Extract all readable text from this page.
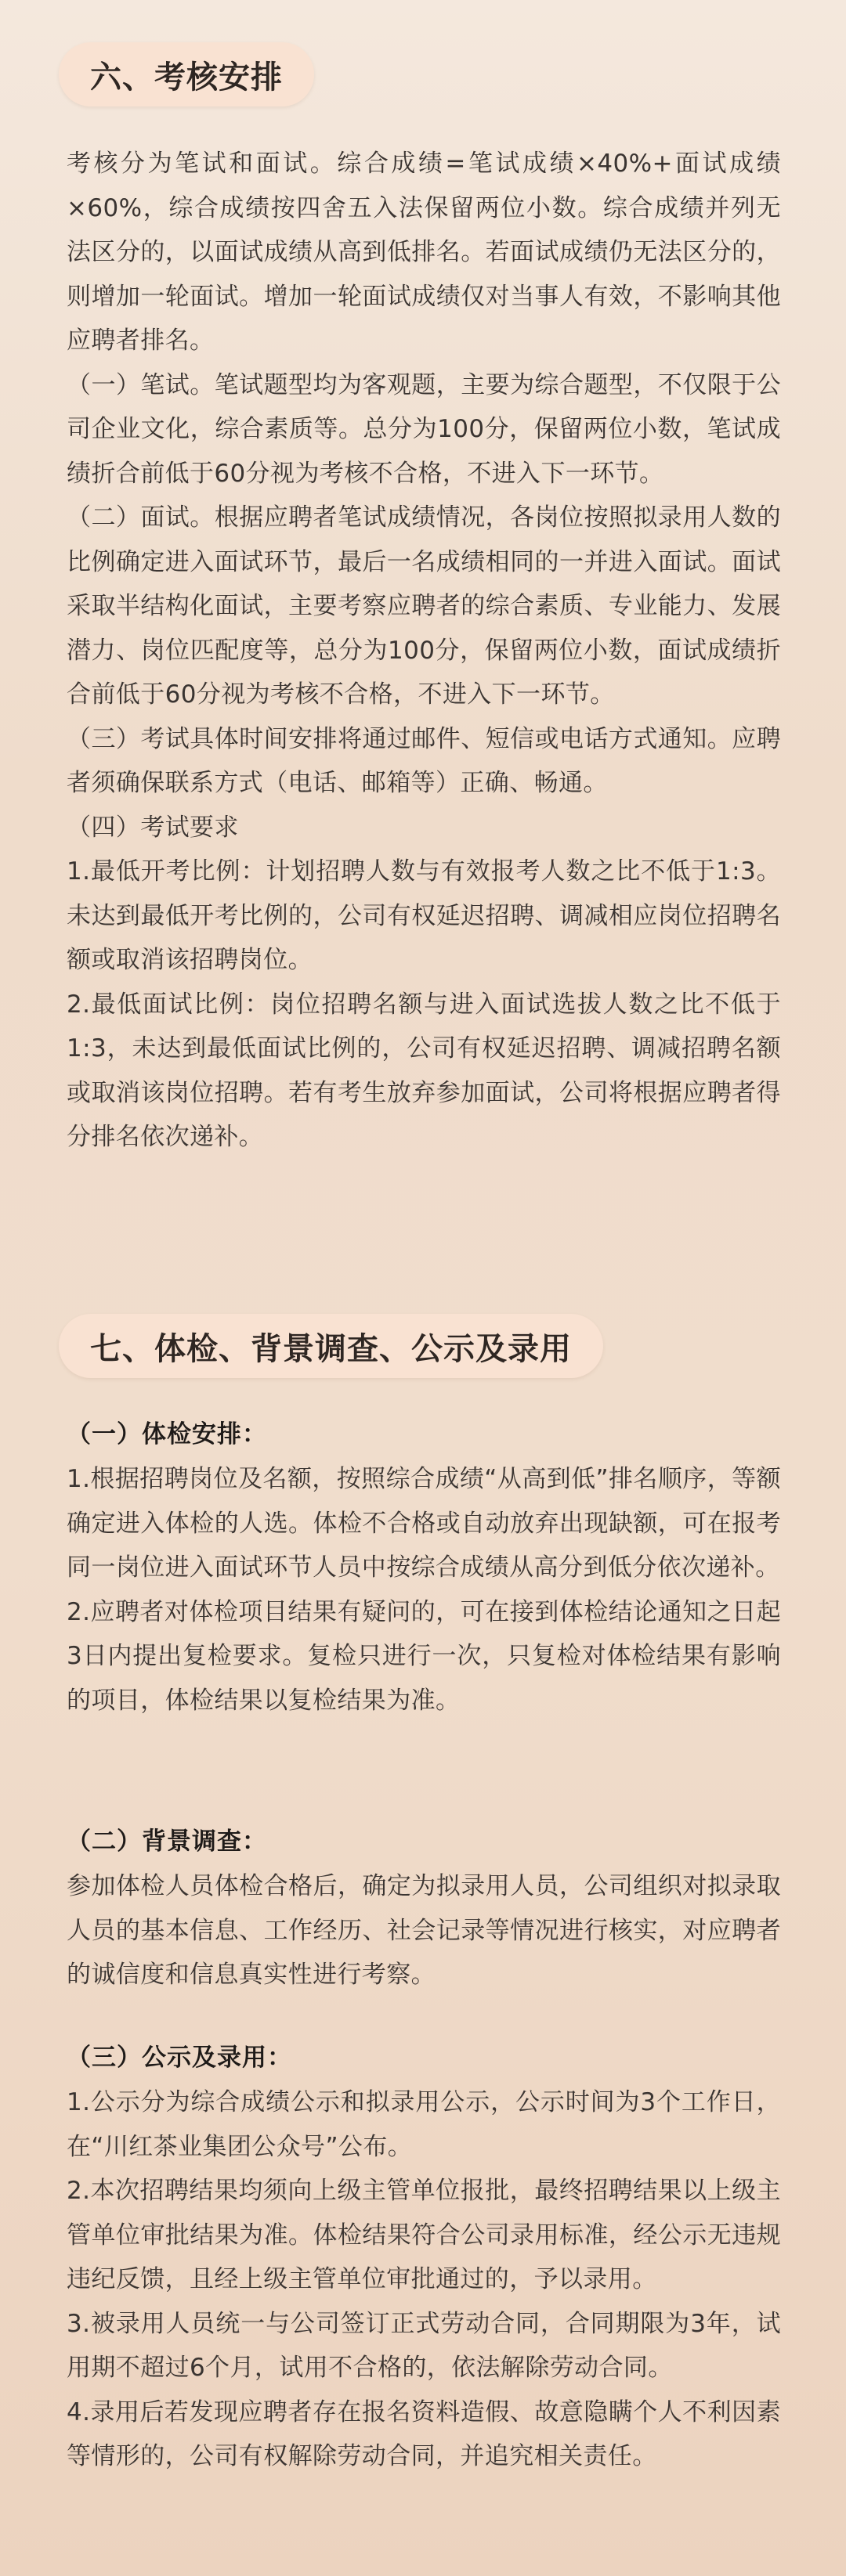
六、考核安排

考核分为笔试和面试。综合成绩=笔试成绩×40%+面试成绩×60%，综合成绩按四舍五入法保留两位小数。综合成绩并列无法区分的，以面试成绩从高到低排名。若面试成绩仍无法区分的，则增加一轮面试。增加一轮面试成绩仅对当事人有效，不影响其他应聘者排名。

（一）笔试。笔试题型均为客观题，主要为综合题型，不仅限于公司企业文化，综合素质等。总分为100分，保留两位小数，笔试成绩折合前低于60分视为考核不合格，不进入下一环节。

（二）面试。根据应聘者笔试成绩情况，各岗位按照拟录用人数的比例确定进入面试环节，最后一名成绩相同的一并进入面试。面试采取半结构化面试，主要考察应聘者的综合素质、专业能力、发展潜力、岗位匹配度等，总分为100分，保留两位小数，面试成绩折合前低于60分视为考核不合格，不进入下一环节。

（三）考试具体时间安排将通过邮件、短信或电话方式通知。应聘者须确保联系方式（电话、邮箱等）正确、畅通。

（四）考试要求

1.最低开考比例：计划招聘人数与有效报考人数之比不低于1:3。未达到最低开考比例的，公司有权延迟招聘、调减相应岗位招聘名额或取消该招聘岗位。

2.最低面试比例：岗位招聘名额与进入面试选拔人数之比不低于1:3，未达到最低面试比例的，公司有权延迟招聘、调减招聘名额或取消该岗位招聘。若有考生放弃参加面试，公司将根据应聘者得分排名依次递补。

七、体检、背景调查、公示及录用
（一）体检安排：

1.根据招聘岗位及名额，按照综合成绩“从高到低”排名顺序，等额确定进入体检的人选。体检不合格或自动放弃出现缺额，可在报考同一岗位进入面试环节人员中按综合成绩从高分到低分依次递补。

2.应聘者对体检项目结果有疑问的，可在接到体检结论通知之日起3日内提出复检要求。复检只进行一次，只复检对体检结果有影响的项目，体检结果以复检结果为准。

（二）背景调查：

参加体检人员体检合格后，确定为拟录用人员，公司组织对拟录取人员的基本信息、工作经历、社会记录等情况进行核实，对应聘者的诚信度和信息真实性进行考察。

（三）公示及录用：

1.公示分为综合成绩公示和拟录用公示，公示时间为3个工作日，在“川红茶业集团公众号”公布。

2.本次招聘结果均须向上级主管单位报批，最终招聘结果以上级主管单位审批结果为准。体检结果符合公司录用标准，经公示无违规违纪反馈，且经上级主管单位审批通过的，予以录用。

3.被录用人员统一与公司签订正式劳动合同，合同期限为3年，试用期不超过6个月，试用不合格的，依法解除劳动合同。

4.录用后若发现应聘者存在报名资料造假、故意隐瞒个人不利因素等情形的，公司有权解除劳动合同，并追究相关责任。
